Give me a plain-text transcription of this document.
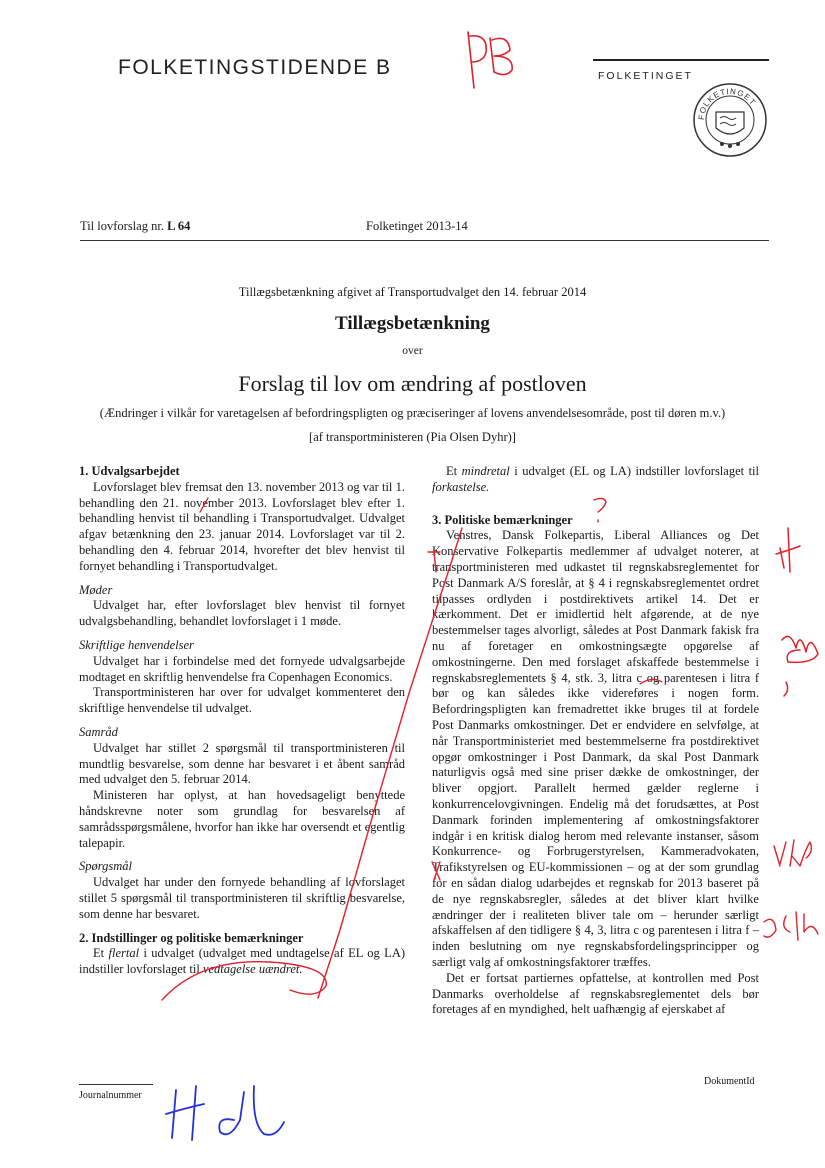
FOLKETINGSTIDENDE B	FOLKETINGET
FOLKETINGET
Til lovforslag nr. L 64	Folketinget 2013-14
Tillægsbetænkning afgivet af Transportudvalget den 14. februar 2014
Tillægsbetænkning
over
Forslag til lov om ændring af postloven
(Ændringer i vilkår for varetagelsen af befordringspligten og præciseringer af lovens anvendelsesområde, post til døren m.v.)
[af transportministeren (Pia Olsen Dyhr)]
1. Udvalgsarbejdet

Lovforslaget blev fremsat den 13. november 2013 og var til 1. behandling den 21. november 2013. Lovforslaget blev efter 1. behandling henvist til behandling i Transportudvalget. Udvalget afgav betænkning den 23. januar 2014. Lovforslaget var til 2. behandling den 4. februar 2014, hvorefter det blev henvist til fornyet behandling i Transportudvalget.

Møder

Udvalget har, efter lovforslaget blev henvist til fornyet udvalgsbehandling, behandlet lovforslaget i 1 møde.

Skriftlige henvendelser

Udvalget har i forbindelse med det fornyede udvalgsarbejde modtaget en skriftlig henvendelse fra Copenhagen Economics.

Transportministeren har over for udvalget kommenteret den skriftlige henvendelse til udvalget.

Samråd

Udvalget har stillet 2 spørgsmål til transportministeren til mundtlig besvarelse, som denne har besvaret i et åbent samråd med udvalget den 5. februar 2014.

Ministeren har oplyst, at han hovedsageligt benyttede håndskrevne noter som grundlag for besvarelsen af samrådsspørgsmålene, hvorfor han ikke har oversendt et egentlig talepapir.

Spørgsmål

Udvalget har under den fornyede behandling af lovforslaget stillet 5 spørgsmål til transportministeren til skriftlig besvarelse, som denne har besvaret.

2. Indstillinger og politiske bemærkninger

Et flertal i udvalget (udvalget med undtagelse af EL og LA) indstiller lovforslaget til vedtagelse uændret.

Et mindretal i udvalget (EL og LA) indstiller lovforslaget til forkastelse.

3. Politiske bemærkninger

Venstres, Dansk Folkepartis, Liberal Alliances og Det Konservative Folkepartis medlemmer af udvalget noterer, at transportministeren med udkastet til regnskabsreglementet for Post Danmark A/S foreslår, at § 4 i regnskabsreglementet ordret tilpasses ordlyden i postdirektivets artikel 14. Det er kærkomment. Det er imidlertid helt afgørende, at de nye bestemmelser tages alvorligt, således at Post Danmark fakisk fra nu af foretager en omkostningsægte opgørelse af omkostningerne. Den med forslaget afskaffede bestemmelse i regnskabsreglementets § 4, stk. 3, litra c og parentesen i litra f bør og kan således ikke videreføres i nogen form. Befordringspligten kan fremadrettet ikke bruges til at fordele Post Danmarks omkostninger. Det er endvidere en selvfølge, at når Transportministeriet med bestemmelserne fra postdirektivet opgør omkostninger i Post Danmark, da skal Post Danmark naturligvis også med sine priser dække de omkostninger, der bliver opgjort. Parallelt hermed gælder reglerne i konkurrencelovgivningen. Endelig må det forudsættes, at Post Danmark forinden implementering af omkostningsfaktorer indgår i en kritisk dialog herom med relevante instanser, såsom Konkurrence- og Forbrugerstyrelsen, Kammeradvokaten, Trafikstyrelsen og EU-kommissionen – og at der som grundlag for en sådan dialog udarbejdes et regnskab for 2013 baseret på de nye regnskabsregler, således at det bliver klart hvilke ændringer der i realiteten bliver tale om – herunder særligt afskaffelsen af den tidligere § 4, 3, litra c og parentesen i litra f – inden beslutning om nye regnskabsfordelingsprincipper og særligt valg af omkostningsfaktorer træffes.

Det er fortsat partiernes opfattelse, at kontrollen med Post Danmarks overholdelse af regnskabsreglementet dels bør foretages af en myndighed, helt uafhængig af ejerskabet af

Journalnummer
DokumentId
